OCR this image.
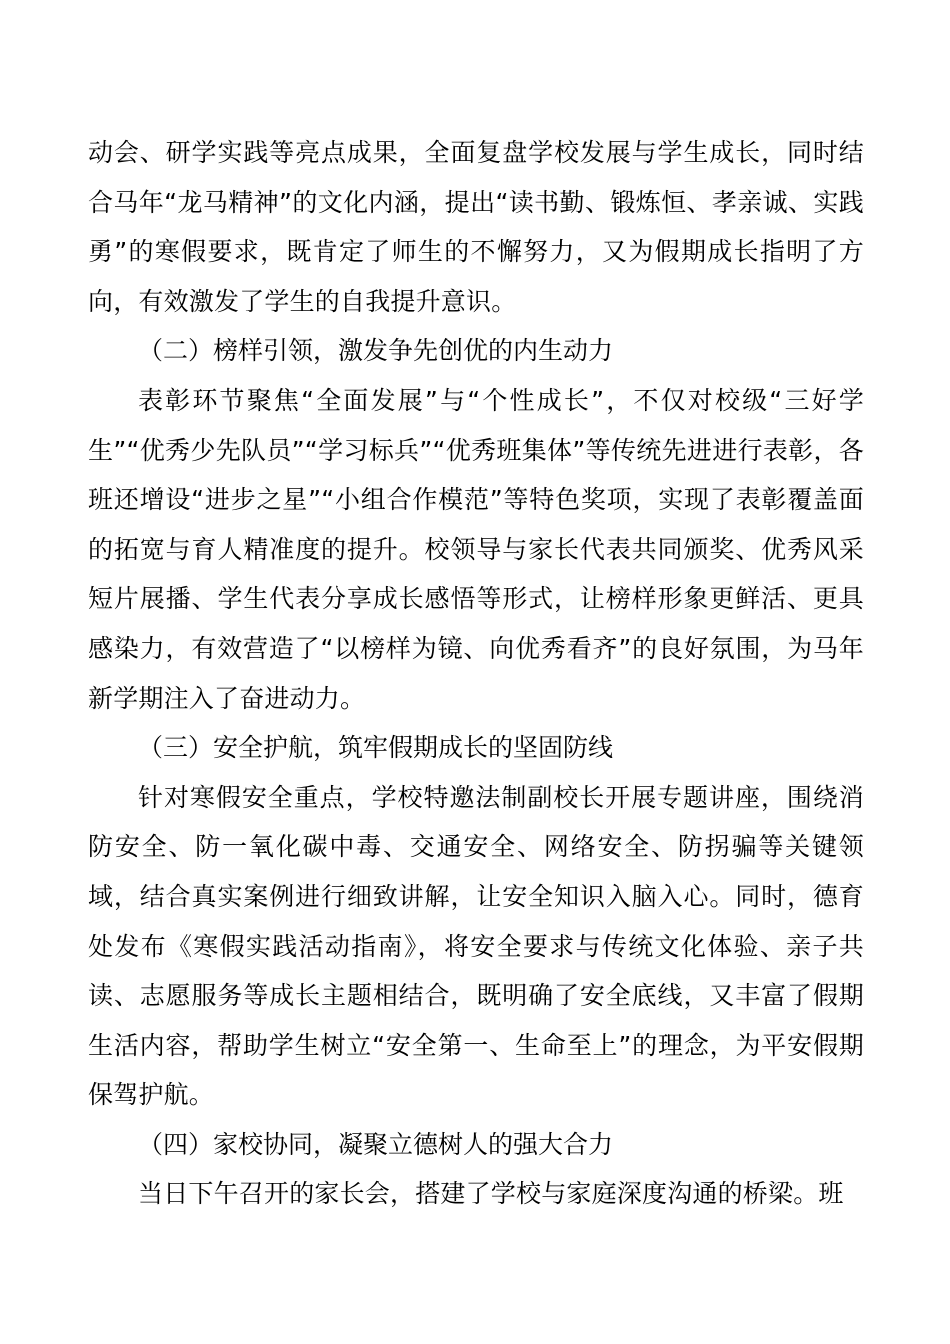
动会、研学实践等亮点成果，全面复盘学校发展与学生成长，同时结合马年“龙马精神”的文化内涵，提出“读书勤、锻炼恒、孝亲诚、实践勇”的寒假要求，既肯定了师生的不懈努力，又为假期成长指明了方向，有效激发了学生的自我提升意识。

（二）榜样引领，激发争先创优的内生动力

表彰环节聚焦“全面发展”与“个性成长”，不仅对校级“三好学生”“优秀少先队员”“学习标兵”“优秀班集体”等传统先进进行表彰，各班还增设“进步之星”“小组合作模范”等特色奖项，实现了表彰覆盖面的拓宽与育人精准度的提升。校领导与家长代表共同颁奖、优秀风采短片展播、学生代表分享成长感悟等形式，让榜样形象更鲜活、更具感染力，有效营造了“以榜样为镜、向优秀看齐”的良好氛围，为马年新学期注入了奋进动力。

（三）安全护航，筑牢假期成长的坚固防线

针对寒假安全重点，学校特邀法制副校长开展专题讲座，围绕消防安全、防一氧化碳中毒、交通安全、网络安全、防拐骗等关键领域，结合真实案例进行细致讲解，让安全知识入脑入心。同时，德育处发布《寒假实践活动指南》，将安全要求与传统文化体验、亲子共读、志愿服务等成长主题相结合，既明确了安全底线，又丰富了假期生活内容，帮助学生树立“安全第一、生命至上”的理念，为平安假期保驾护航。

（四）家校协同，凝聚立德树人的强大合力

当日下午召开的家长会，搭建了学校与家庭深度沟通的桥梁。班
